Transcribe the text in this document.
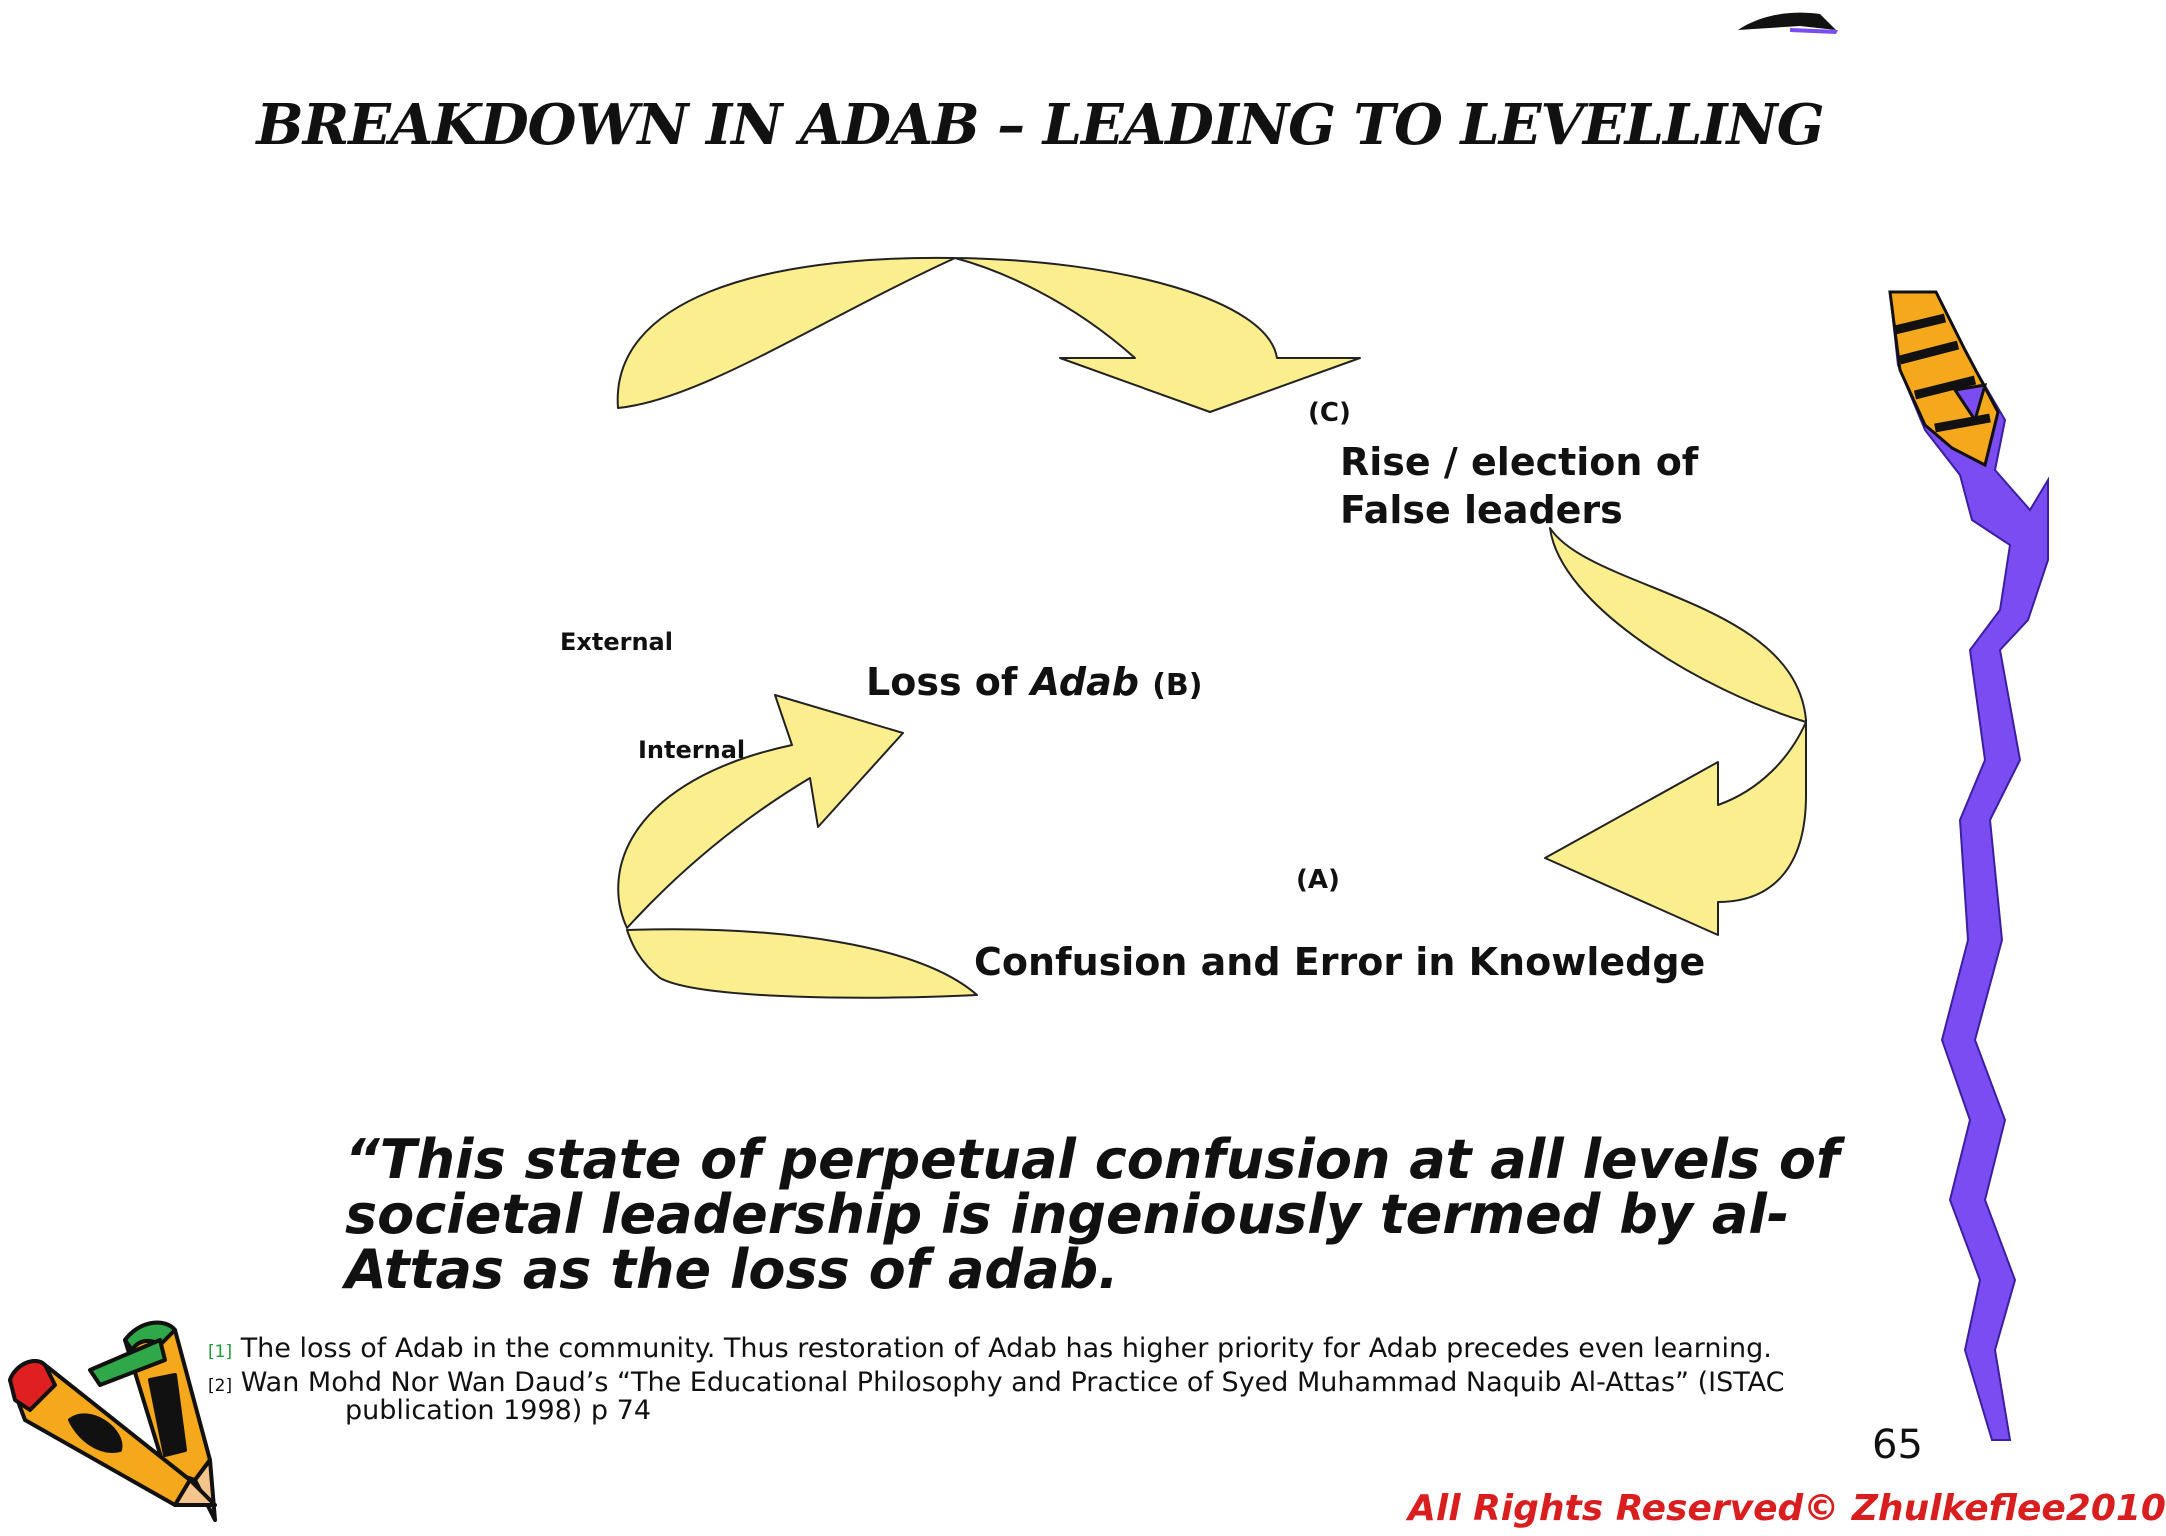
BREAKDOWN IN ADAB – LEADING TO LEVELLING
(C)
Rise / election of
False leaders
External
Internal
Loss of Adab (B)
(A)
Confusion and Error in Knowledge
“This state of perpetual confusion at all levels of societal leadership is ingeniously termed by al-Attas as the loss of adab.
[1] The loss of Adab in the community. Thus restoration of Adab has higher priority for Adab precedes even learning.
[2] Wan Mohd Nor Wan Daud’s “The Educational Philosophy and Practice of Syed Muhammad Naquib Al-Attas” (ISTAC
publication 1998) p 74
65
All Rights Reserved© Zhulkeflee2010
